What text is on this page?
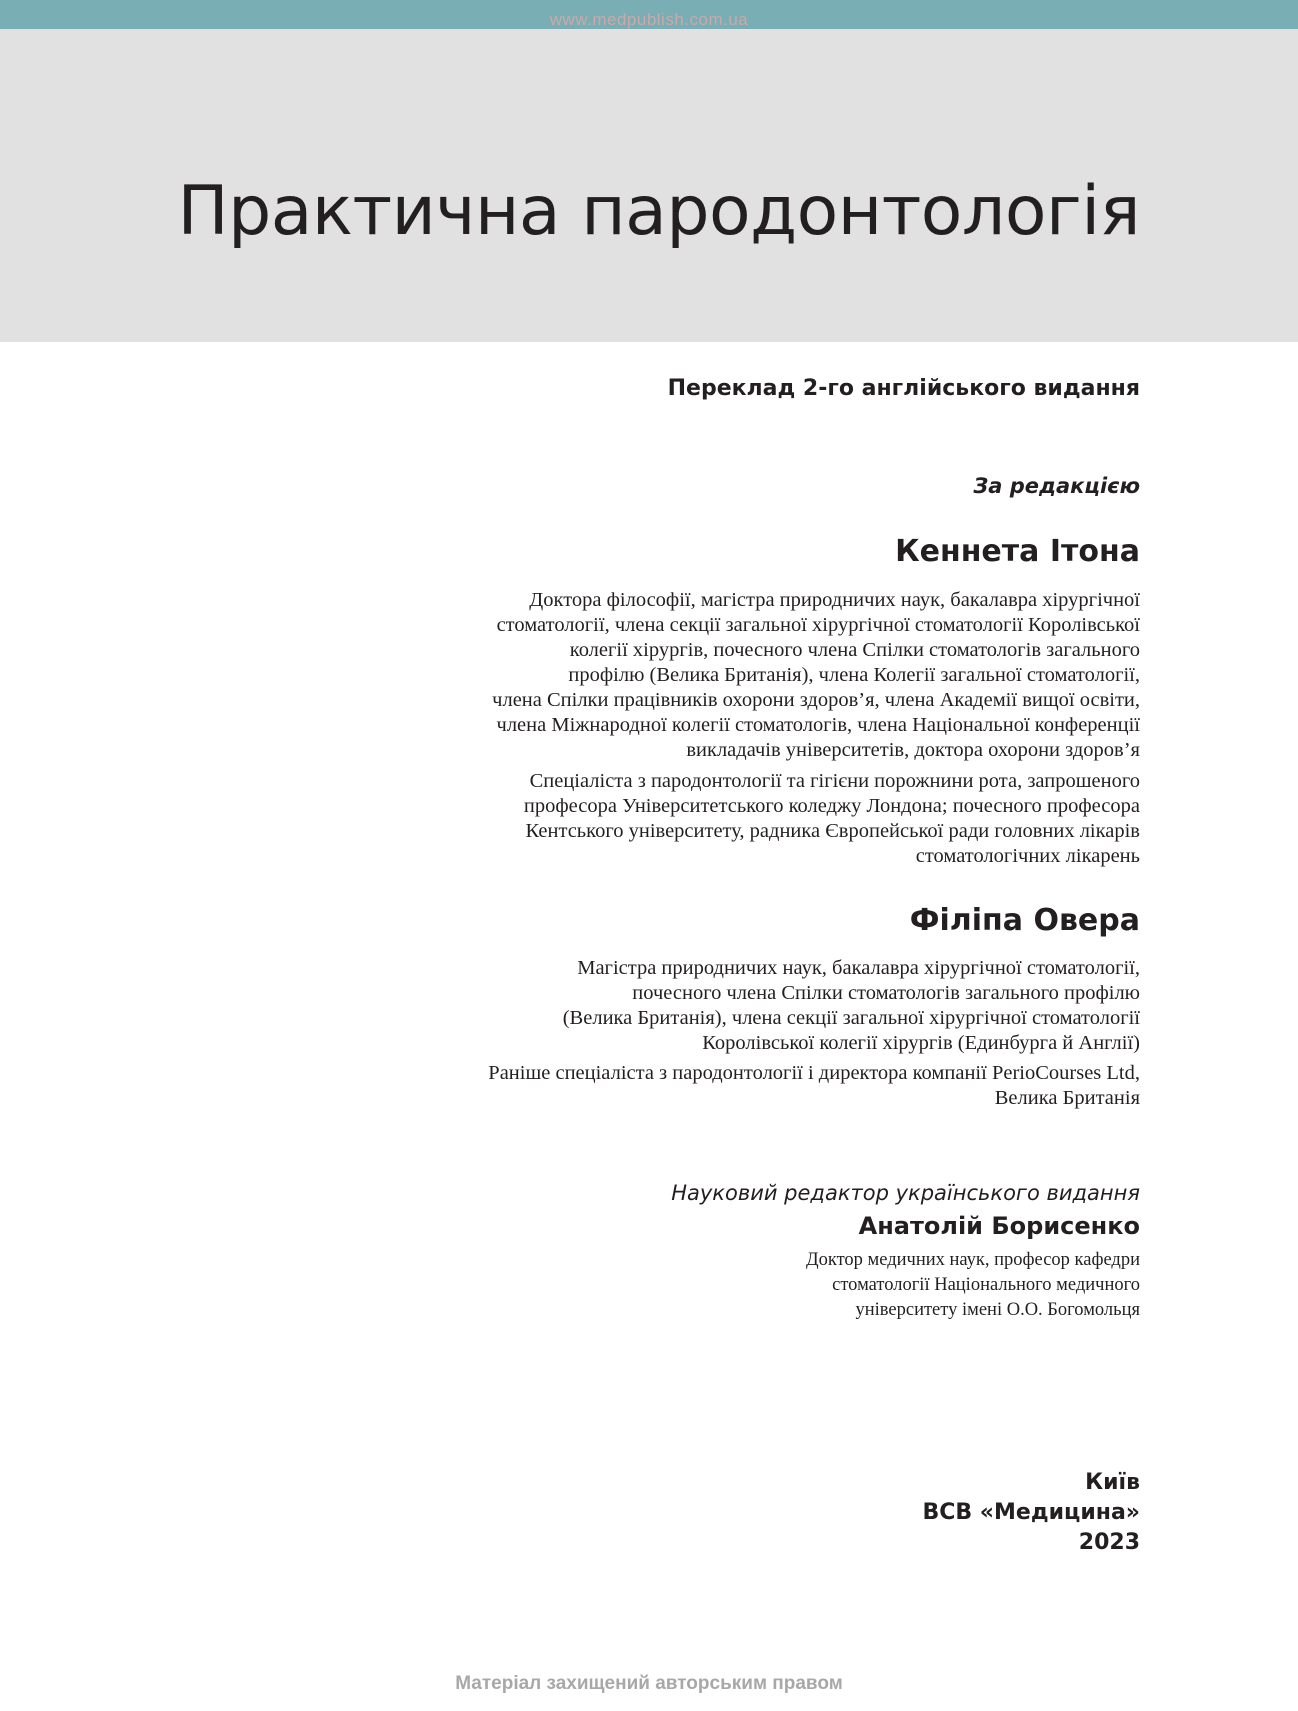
www.medpublish.com.ua
Практична пародонтологія
Переклад 2-го англійського видання
За редакцією
Кеннета Ітона
Доктора філософії, магістра природничих наук, бакалавра хірургічної
стоматології, члена секції загальної хірургічної стоматології Королівської
колегії хірургів, почесного члена Спілки стоматологів загального
профілю (Велика Британія), члена Колегії загальної стоматології,
члена Спілки працівників охорони здоров’я, члена Академії вищої освіти,
члена Міжнародної колегії стоматологів, члена Національної конференції
викладачів університетів, доктора охорони здоров’я
Спеціаліста з пародонтології та гігієни порожнини рота, запрошеного
професора Університетського коледжу Лондона; почесного професора
Кентського університету, радника Європейської ради головних лікарів
стоматологічних лікарень
Філіпа Овера
Магістра природничих наук, бакалавра хірургічної стоматології,
почесного члена Спілки стоматологів загального профілю
(Велика Британія), члена секції загальної хірургічної стоматології
Королівської колегії хірургів (Единбурга й Англії)
Раніше спеціаліста з пародонтології і директора компанії PerioCourses Ltd,
Велика Британія
Науковий редактор українського видання
Анатолій Борисенко
Доктор медичних наук, професор кафедри
стоматології Національного медичного
університету імені О.О. Богомольця
Київ
ВСВ «Медицина»
2023
Матеріал захищений авторським правом
